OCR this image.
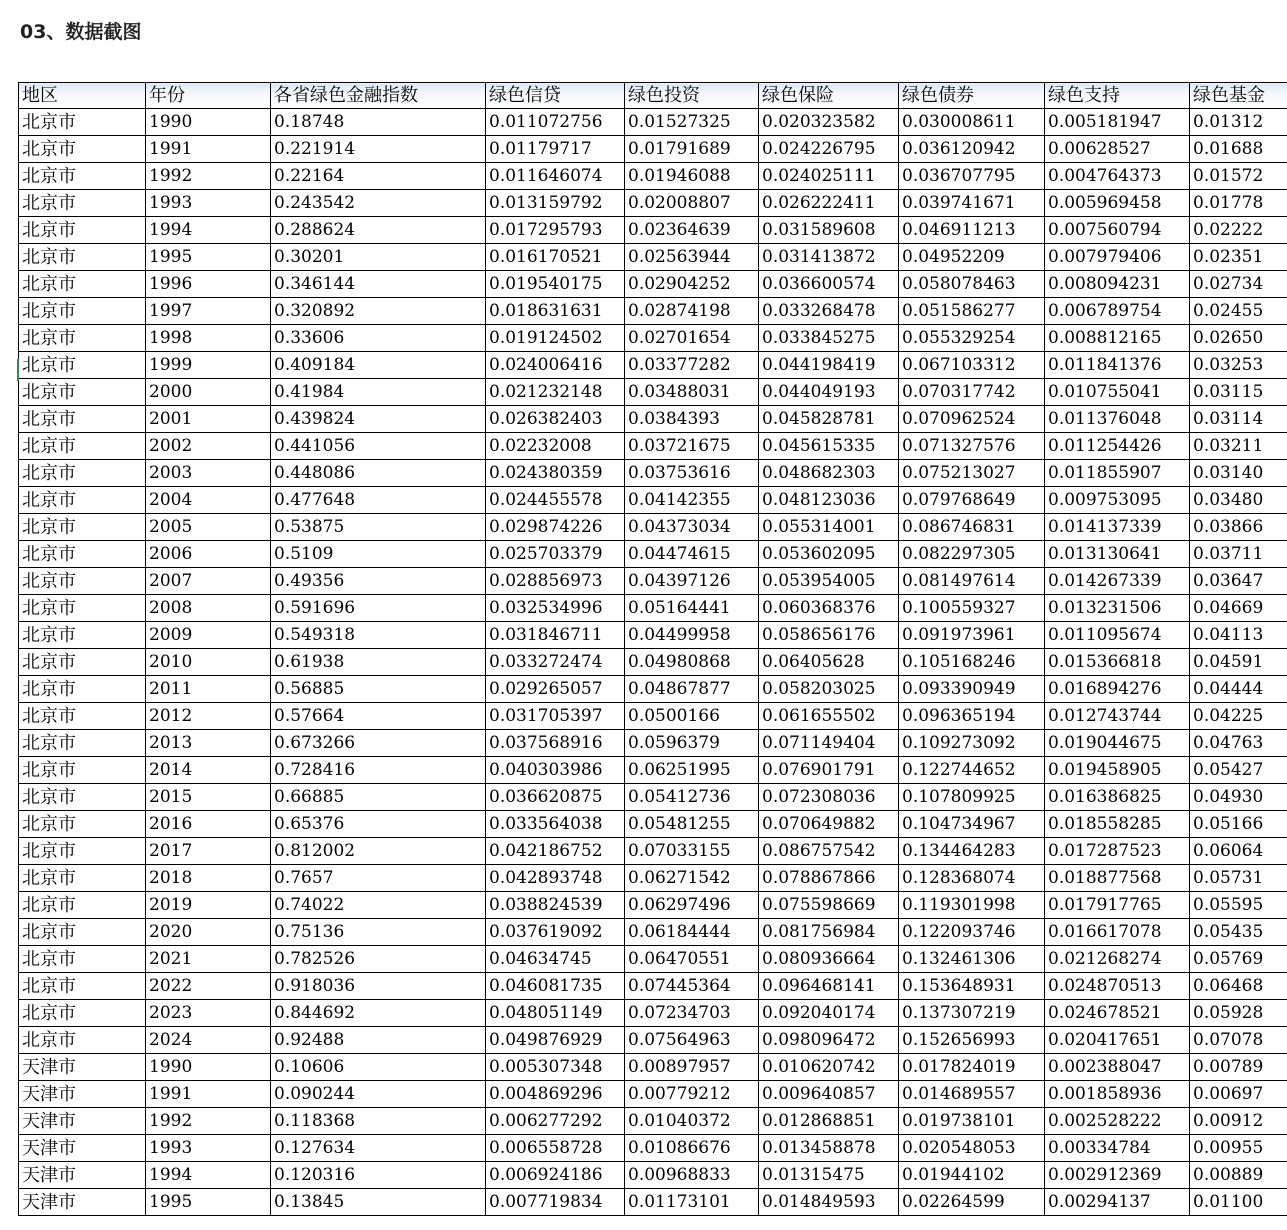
03、数据截图
地区	年份	各省绿色金融指数	绿色信贷	绿色投资	绿色保险	绿色债券	绿色支持	绿色基金
北京市	1990	0.18748	0.011072756	0.01527325	0.020323582	0.030008611	0.005181947	0.01312
北京市	1991	0.221914	0.01179717	0.01791689	0.024226795	0.036120942	0.00628527	0.01688
北京市	1992	0.22164	0.011646074	0.01946088	0.024025111	0.036707795	0.004764373	0.01572
北京市	1993	0.243542	0.013159792	0.02008807	0.026222411	0.039741671	0.005969458	0.01778
北京市	1994	0.288624	0.017295793	0.02364639	0.031589608	0.046911213	0.007560794	0.02222
北京市	1995	0.30201	0.016170521	0.02563944	0.031413872	0.04952209	0.007979406	0.02351
北京市	1996	0.346144	0.019540175	0.02904252	0.036600574	0.058078463	0.008094231	0.02734
北京市	1997	0.320892	0.018631631	0.02874198	0.033268478	0.051586277	0.006789754	0.02455
北京市	1998	0.33606	0.019124502	0.02701654	0.033845275	0.055329254	0.008812165	0.02650
北京市	1999	0.409184	0.024006416	0.03377282	0.044198419	0.067103312	0.011841376	0.03253
北京市	2000	0.41984	0.021232148	0.03488031	0.044049193	0.070317742	0.010755041	0.03115
北京市	2001	0.439824	0.026382403	0.0384393	0.045828781	0.070962524	0.011376048	0.03114
北京市	2002	0.441056	0.02232008	0.03721675	0.045615335	0.071327576	0.011254426	0.03211
北京市	2003	0.448086	0.024380359	0.03753616	0.048682303	0.075213027	0.011855907	0.03140
北京市	2004	0.477648	0.024455578	0.04142355	0.048123036	0.079768649	0.009753095	0.03480
北京市	2005	0.53875	0.029874226	0.04373034	0.055314001	0.086746831	0.014137339	0.03866
北京市	2006	0.5109	0.025703379	0.04474615	0.053602095	0.082297305	0.013130641	0.03711
北京市	2007	0.49356	0.028856973	0.04397126	0.053954005	0.081497614	0.014267339	0.03647
北京市	2008	0.591696	0.032534996	0.05164441	0.060368376	0.100559327	0.013231506	0.04669
北京市	2009	0.549318	0.031846711	0.04499958	0.058656176	0.091973961	0.011095674	0.04113
北京市	2010	0.61938	0.033272474	0.04980868	0.06405628	0.105168246	0.015366818	0.04591
北京市	2011	0.56885	0.029265057	0.04867877	0.058203025	0.093390949	0.016894276	0.04444
北京市	2012	0.57664	0.031705397	0.0500166	0.061655502	0.096365194	0.012743744	0.04225
北京市	2013	0.673266	0.037568916	0.0596379	0.071149404	0.109273092	0.019044675	0.04763
北京市	2014	0.728416	0.040303986	0.06251995	0.076901791	0.122744652	0.019458905	0.05427
北京市	2015	0.66885	0.036620875	0.05412736	0.072308036	0.107809925	0.016386825	0.04930
北京市	2016	0.65376	0.033564038	0.05481255	0.070649882	0.104734967	0.018558285	0.05166
北京市	2017	0.812002	0.042186752	0.07033155	0.086757542	0.134464283	0.017287523	0.06064
北京市	2018	0.7657	0.042893748	0.06271542	0.078867866	0.128368074	0.018877568	0.05731
北京市	2019	0.74022	0.038824539	0.06297496	0.075598669	0.119301998	0.017917765	0.05595
北京市	2020	0.75136	0.037619092	0.06184444	0.081756984	0.122093746	0.016617078	0.05435
北京市	2021	0.782526	0.04634745	0.06470551	0.080936664	0.132461306	0.021268274	0.05769
北京市	2022	0.918036	0.046081735	0.07445364	0.096468141	0.153648931	0.024870513	0.06468
北京市	2023	0.844692	0.048051149	0.07234703	0.092040174	0.137307219	0.024678521	0.05928
北京市	2024	0.92488	0.049876929	0.07564963	0.098096472	0.152656993	0.020417651	0.07078
天津市	1990	0.10606	0.005307348	0.00897957	0.010620742	0.017824019	0.002388047	0.00789
天津市	1991	0.090244	0.004869296	0.00779212	0.009640857	0.014689557	0.001858936	0.00697
天津市	1992	0.118368	0.006277292	0.01040372	0.012868851	0.019738101	0.002528222	0.00912
天津市	1993	0.127634	0.006558728	0.01086676	0.013458878	0.020548053	0.00334784	0.00955
天津市	1994	0.120316	0.006924186	0.00968833	0.01315475	0.01944102	0.002912369	0.00889
天津市	1995	0.13845	0.007719834	0.01173101	0.014849593	0.02264599	0.00294137	0.01100
